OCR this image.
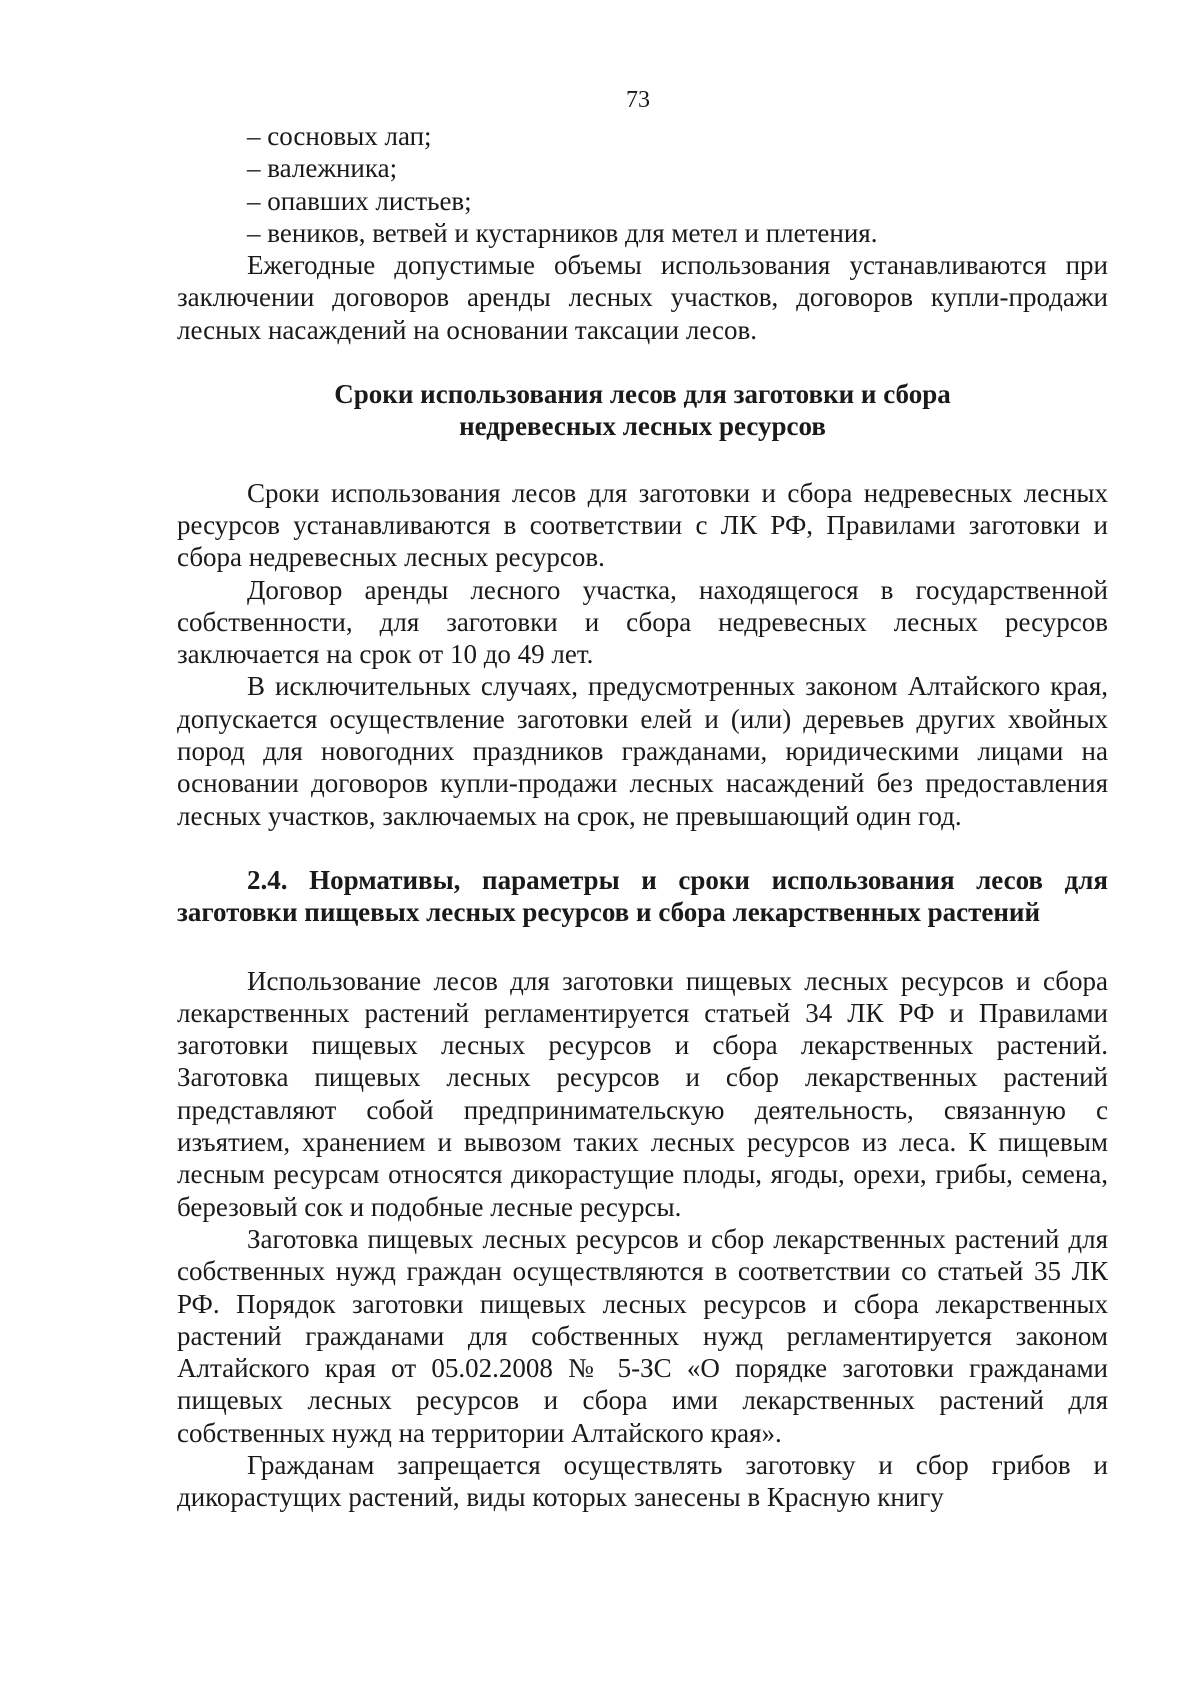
73

– сосновых лап;

– валежника;

– опавших листьев;

– веников, ветвей и кустарников для метел и плетения.

Ежегодные допустимые объемы использования устанавливаются при заключении договоров аренды лесных участков, договоров купли-продажи лесных насаждений на основании таксации лесов.

Сроки использования лесов для заготовки и сбора

недревесных лесных ресурсов

Сроки использования лесов для заготовки и сбора недревесных лесных ресурсов устанавливаются в соответствии с ЛК РФ, Правилами заготовки и сбора недревесных лесных ресурсов.

Договор аренды лесного участка, находящегося в государственной собственности, для заготовки и сбора недревесных лесных ресурсов заключается на срок от 10 до 49 лет.

В исключительных случаях, предусмотренных законом Алтайского края, допускается осуществление заготовки елей и (или) деревьев других хвойных пород для новогодних праздников гражданами, юридическими лицами на основании договоров купли-продажи лесных насаждений без предоставления лесных участков, заключаемых на срок, не превышающий один год.

2.4. Нормативы, параметры и сроки использования лесов для заготовки пищевых лесных ресурсов и сбора лекарственных растений

Использование лесов для заготовки пищевых лесных ресурсов и сбора лекарственных растений регламентируется статьей 34 ЛК РФ и Правилами заготовки пищевых лесных ресурсов и сбора лекарственных растений. Заготовка пищевых лесных ресурсов и сбор лекарственных растений представляют собой предпринимательскую деятельность, связанную с изъятием, хранением и вывозом таких лесных ресурсов из леса. К пищевым лесным ресурсам относятся дикорастущие плоды, ягоды, орехи, грибы, семена, березовый сок и подобные лесные ресурсы.

Заготовка пищевых лесных ресурсов и сбор лекарственных растений для собственных нужд граждан осуществляются в соответствии со статьей 35 ЛК РФ. Порядок заготовки пищевых лесных ресурсов и сбора лекарственных растений гражданами для собственных нужд регламентируется законом Алтайского края от 05.02.2008 № 5-ЗС «О порядке заготовки гражданами пищевых лесных ресурсов и сбора ими лекарственных растений для собственных нужд на территории Алтайского края».

Гражданам запрещается осуществлять заготовку и сбор грибов и дикорастущих растений, виды которых занесены в Красную книгу
